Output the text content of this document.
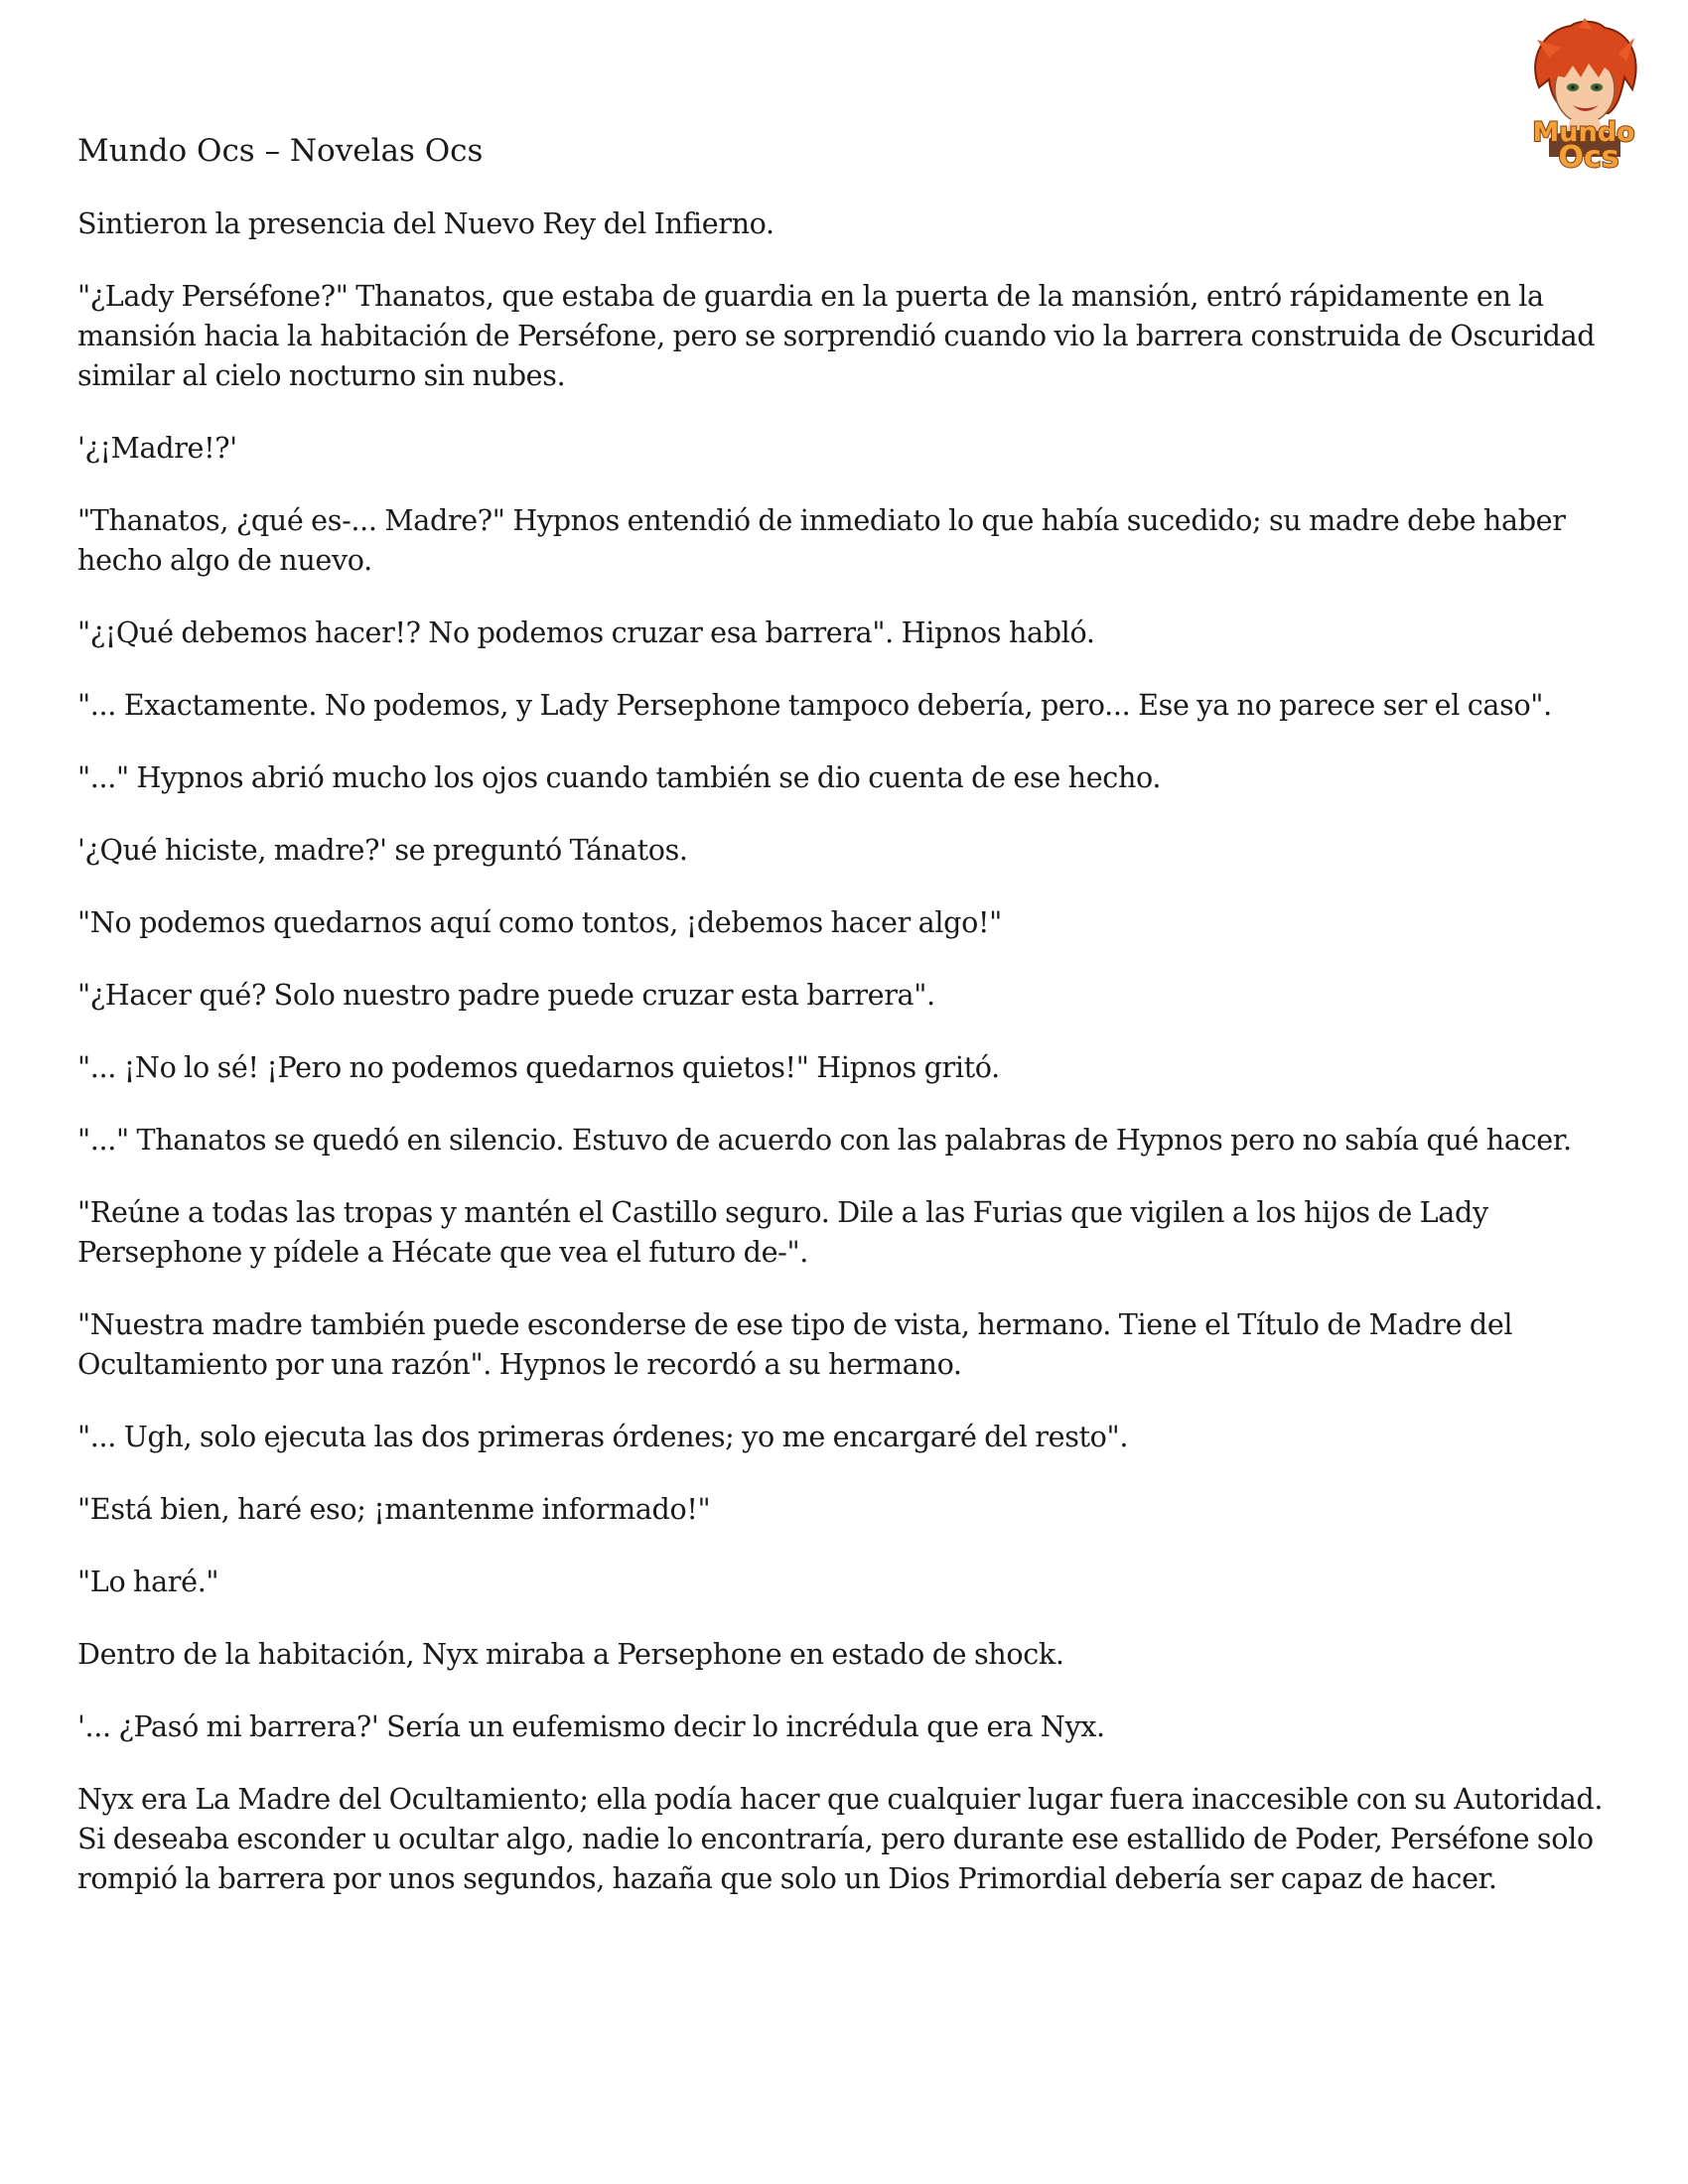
Mundo
Ocs

Mundo Ocs – Novelas Ocs

Sintieron la presencia del Nuevo Rey del Infierno.

"¿Lady Perséfone?" Thanatos, que estaba de guardia en la puerta de la mansión, entró rápidamente en la mansión hacia la habitación de Perséfone, pero se sorprendió cuando vio la barrera construida de Oscuridad similar al cielo nocturno sin nubes.

'¿¡Madre!?'

"Thanatos, ¿qué es-... Madre?" Hypnos entendió de inmediato lo que había sucedido; su madre debe haber hecho algo de nuevo.

"¿¡Qué debemos hacer!? No podemos cruzar esa barrera". Hipnos habló.

"... Exactamente. No podemos, y Lady Persephone tampoco debería, pero... Ese ya no parece ser el caso".

"..." Hypnos abrió mucho los ojos cuando también se dio cuenta de ese hecho.

'¿Qué hiciste, madre?' se preguntó Tánatos.

"No podemos quedarnos aquí como tontos, ¡debemos hacer algo!"

"¿Hacer qué? Solo nuestro padre puede cruzar esta barrera".

"... ¡No lo sé! ¡Pero no podemos quedarnos quietos!" Hipnos gritó.

"..." Thanatos se quedó en silencio. Estuvo de acuerdo con las palabras de Hypnos pero no sabía qué hacer.

"Reúne a todas las tropas y mantén el Castillo seguro. Dile a las Furias que vigilen a los hijos de Lady Persephone y pídele a Hécate que vea el futuro de-".

"Nuestra madre también puede esconderse de ese tipo de vista, hermano. Tiene el Título de Madre del Ocultamiento por una razón". Hypnos le recordó a su hermano.

"... Ugh, solo ejecuta las dos primeras órdenes; yo me encargaré del resto".

"Está bien, haré eso; ¡mantenme informado!"

"Lo haré."

Dentro de la habitación, Nyx miraba a Persephone en estado de shock.

'... ¿Pasó mi barrera?' Sería un eufemismo decir lo incrédula que era Nyx.

Nyx era La Madre del Ocultamiento; ella podía hacer que cualquier lugar fuera inaccesible con su Autoridad. Si deseaba esconder u ocultar algo, nadie lo encontraría, pero durante ese estallido de Poder, Perséfone solo rompió la barrera por unos segundos, hazaña que solo un Dios Primordial debería ser capaz de hacer.
